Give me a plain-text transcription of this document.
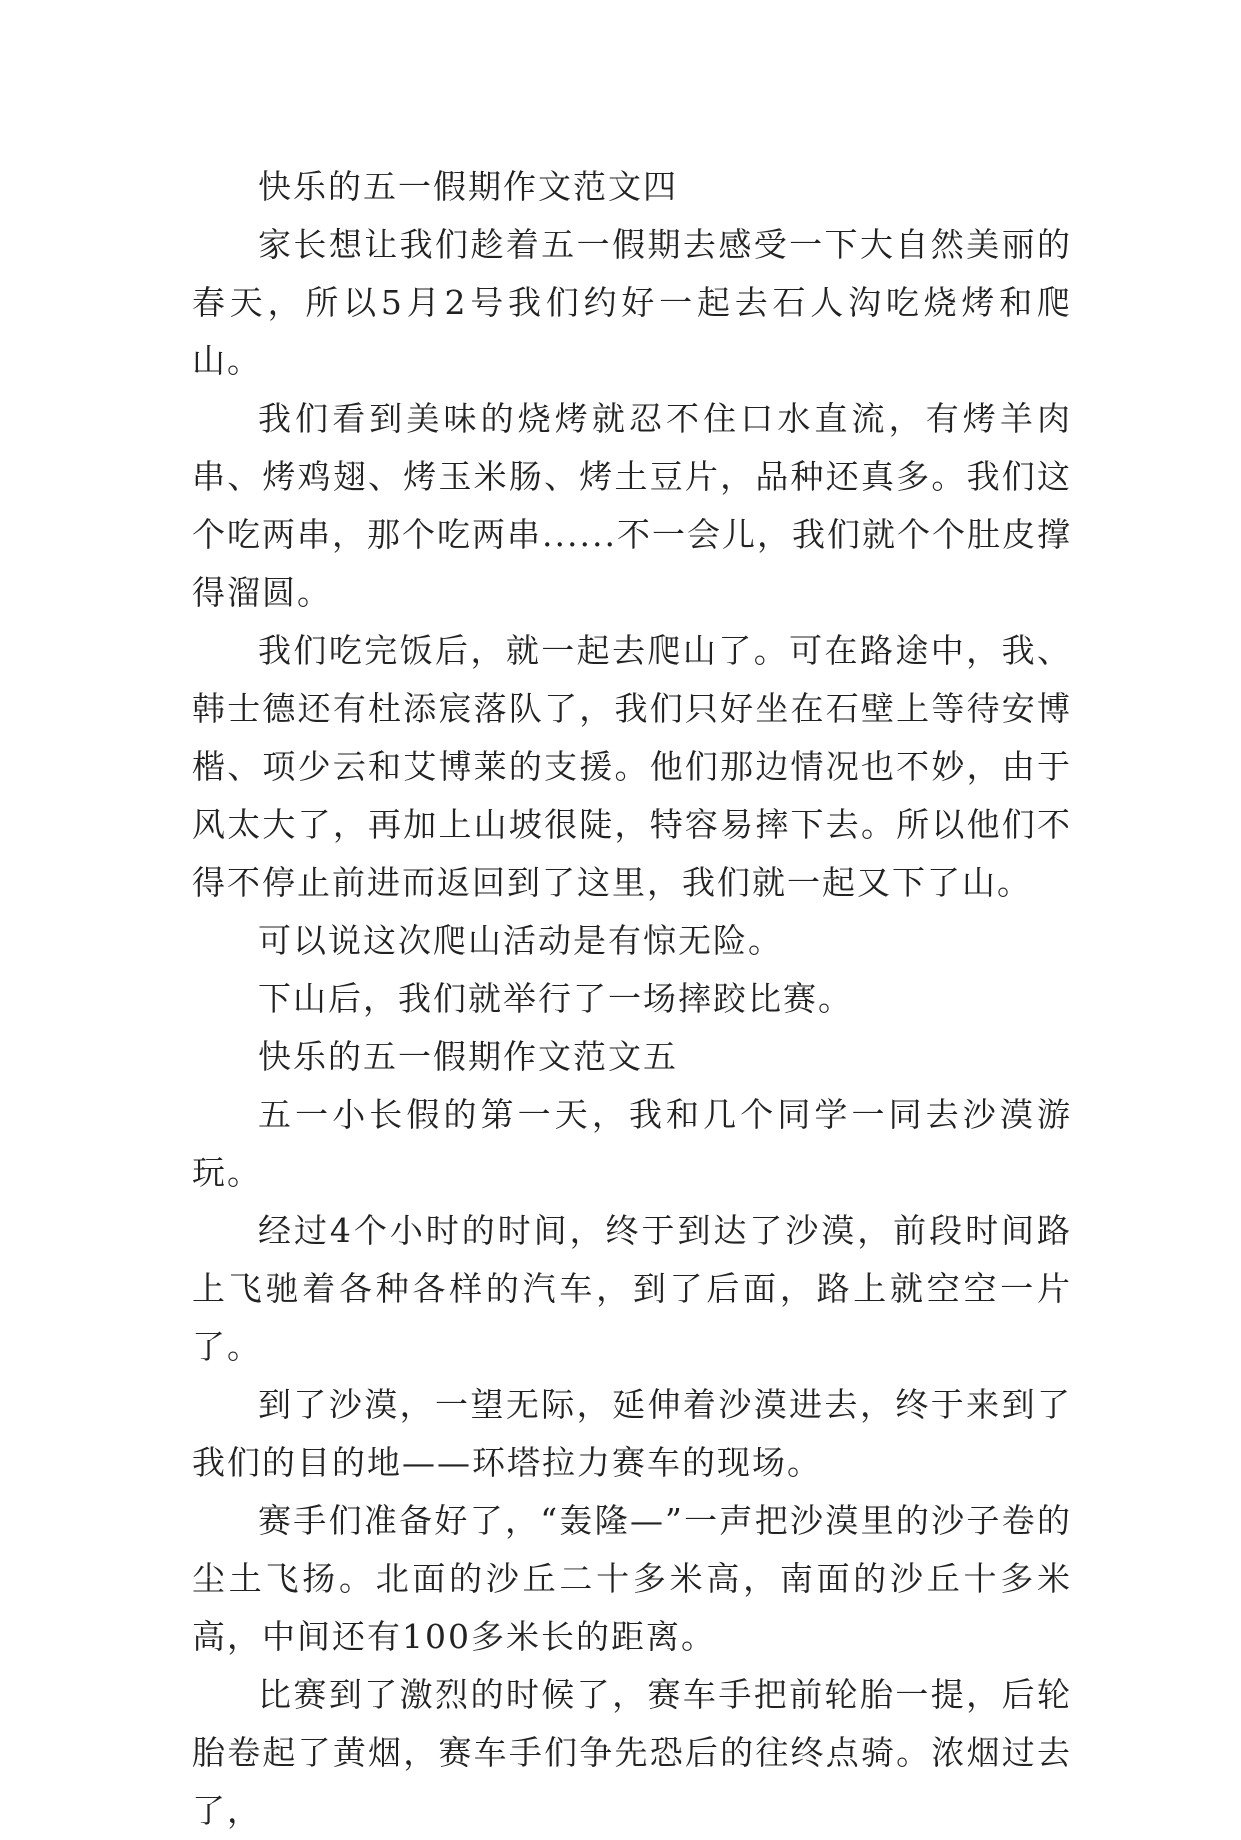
快乐的五一假期作文范文四

家长想让我们趁着五一假期去感受一下大自然美丽的春天，所以5月2号我们约好一起去石人沟吃烧烤和爬山。

我们看到美味的烧烤就忍不住口水直流，有烤羊肉串、烤鸡翅、烤玉米肠、烤土豆片，品种还真多。我们这个吃两串，那个吃两串......不一会儿，我们就个个肚皮撑得溜圆。

我们吃完饭后，就一起去爬山了。可在路途中，我、韩士德还有杜添宸落队了，我们只好坐在石壁上等待安博楷、项少云和艾博莱的支援。他们那边情况也不妙，由于风太大了，再加上山坡很陡，特容易摔下去。所以他们不得不停止前进而返回到了这里，我们就一起又下了山。

可以说这次爬山活动是有惊无险。

下山后，我们就举行了一场摔跤比赛。

快乐的五一假期作文范文五

五一小长假的第一天，我和几个同学一同去沙漠游玩。

经过4个小时的时间，终于到达了沙漠，前段时间路上飞驰着各种各样的汽车，到了后面，路上就空空一片了。

到了沙漠，一望无际，延伸着沙漠进去，终于来到了我们的目的地——环塔拉力赛车的现场。

赛手们准备好了，“轰隆—”一声把沙漠里的沙子卷的尘土飞扬。北面的沙丘二十多米高，南面的沙丘十多米高，中间还有100多米长的距离。

比赛到了激烈的时候了，赛车手把前轮胎一提，后轮胎卷起了黄烟，赛车手们争先恐后的往终点骑。浓烟过去了，
